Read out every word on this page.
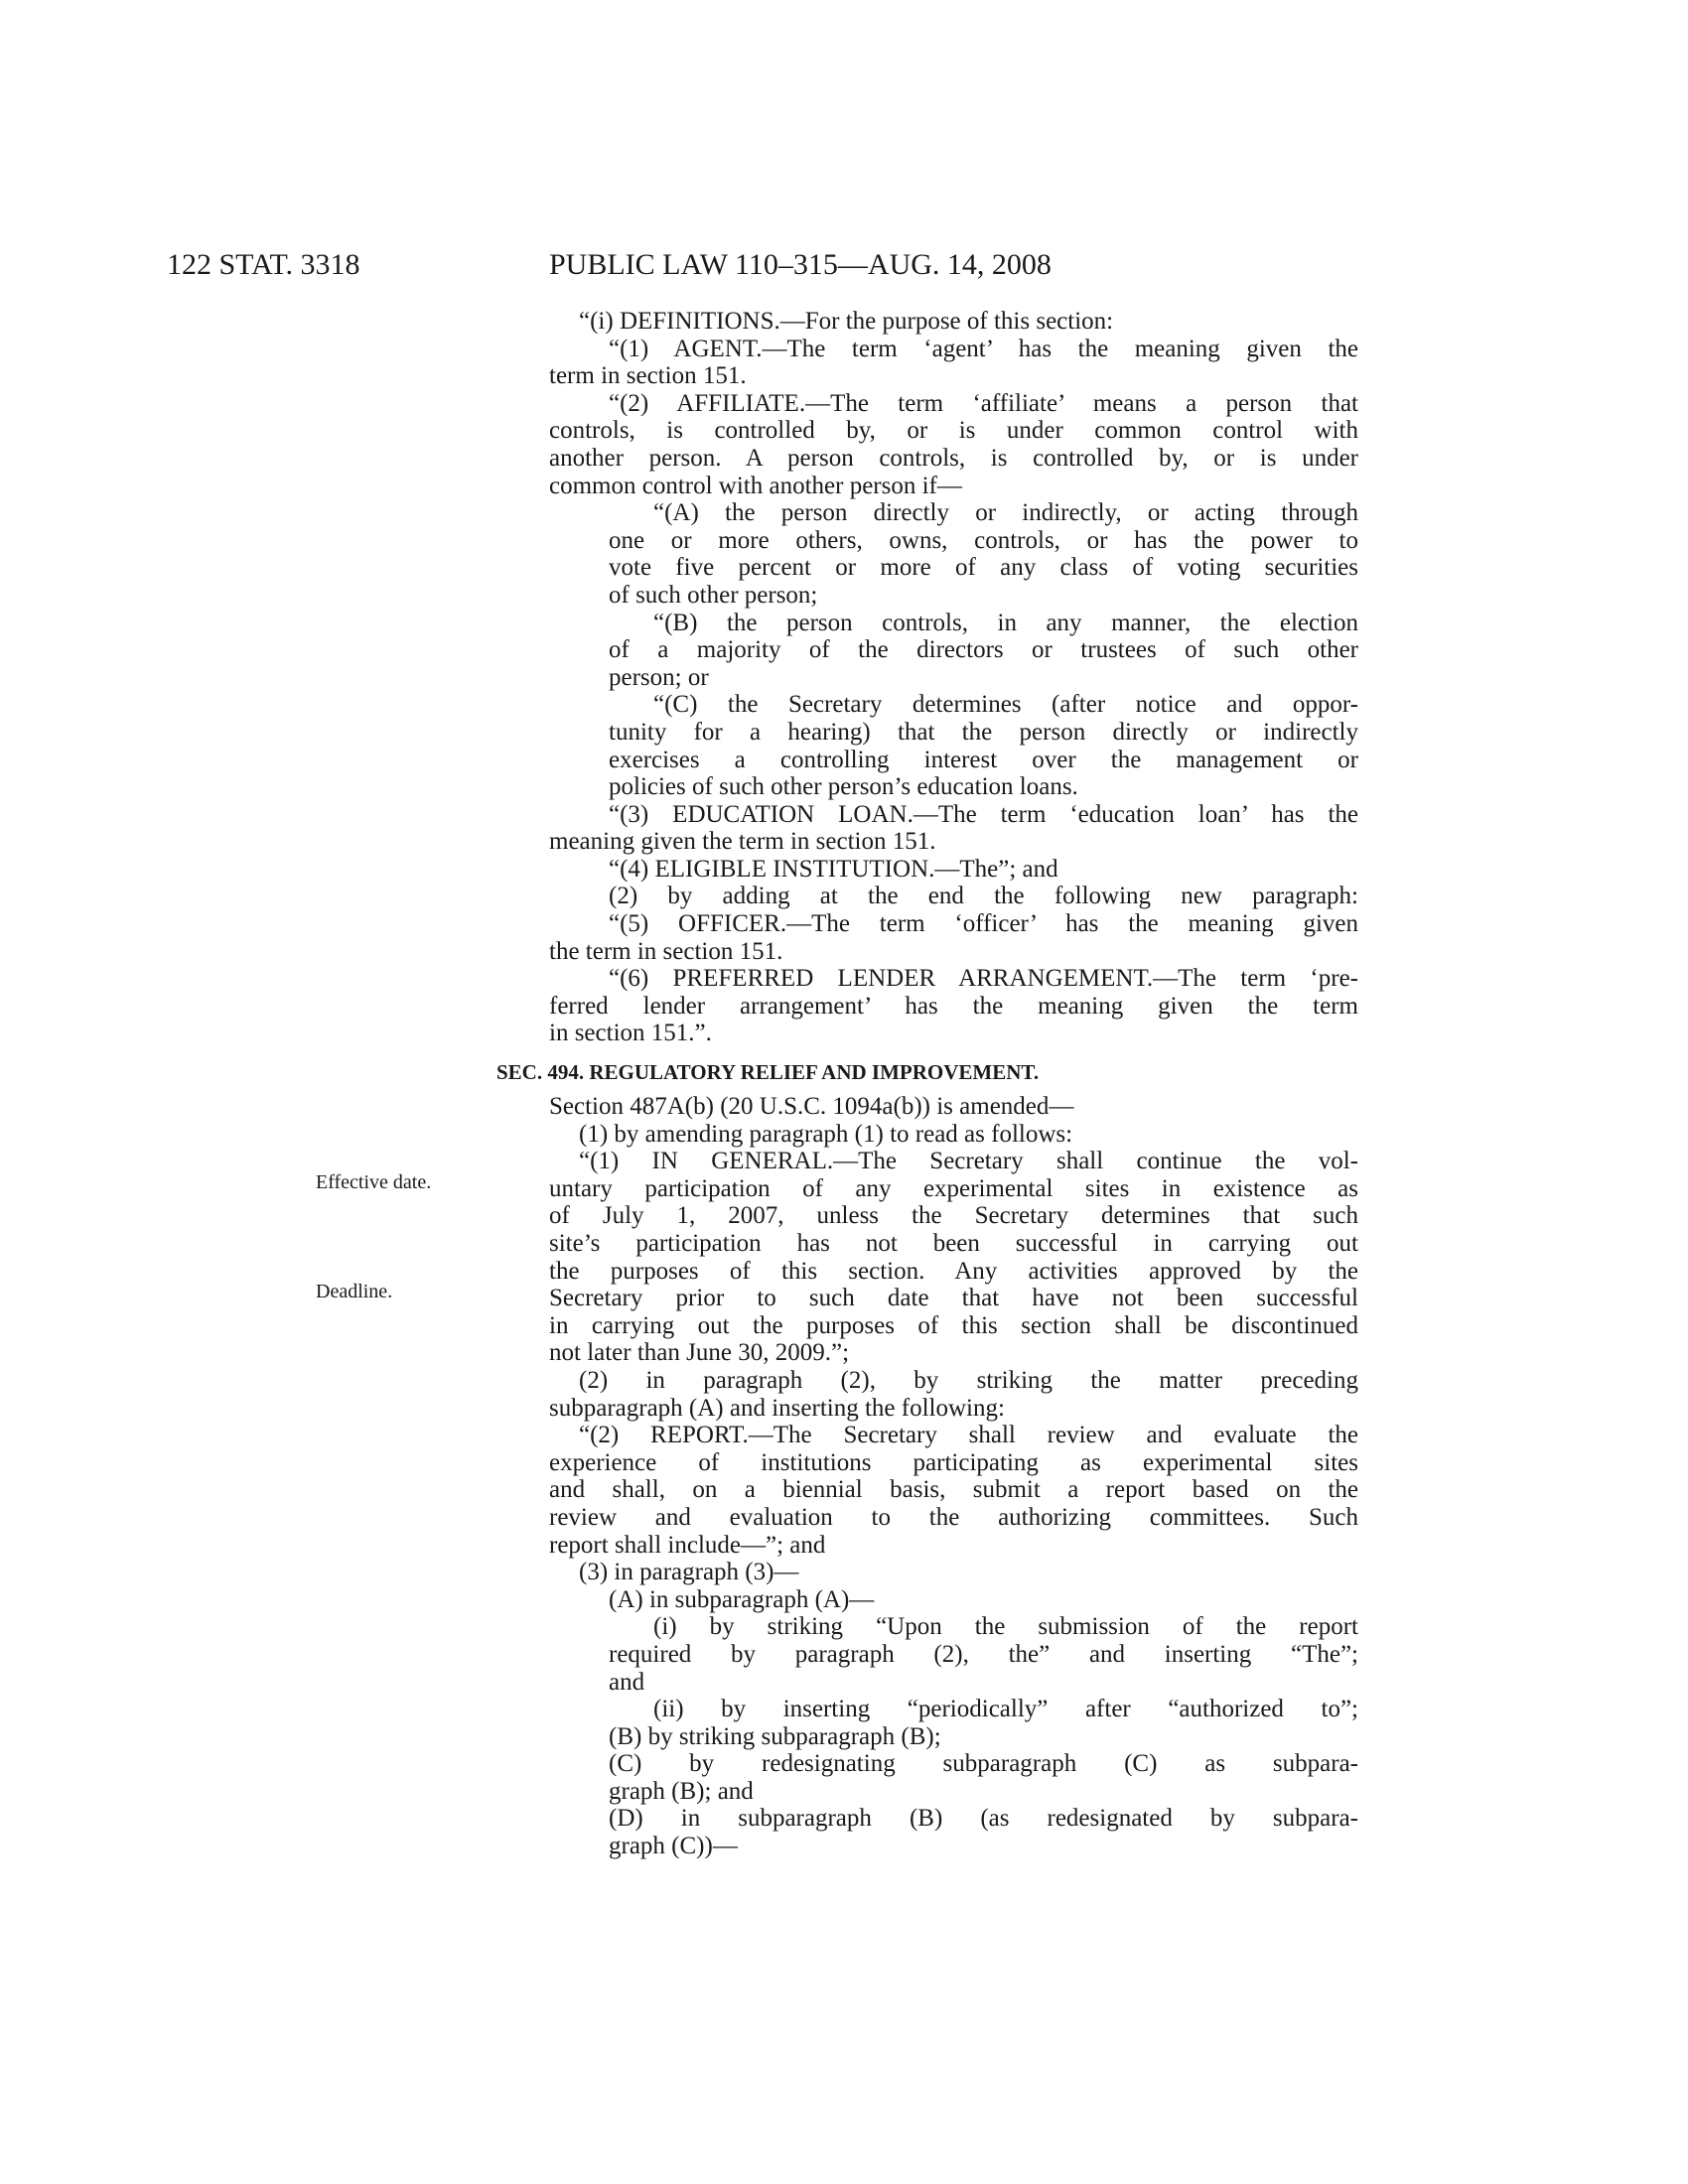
122 STAT. 3318	PUBLIC LAW 110–315—AUG. 14, 2008
Effective date.
Deadline.
“(i) DEFINITIONS.—For the purpose of this section:
“(1) AGENT.—The term ‘agent’ has the meaning given the
term in section 151.
“(2) AFFILIATE.—The term ‘affiliate’ means a person that
controls, is controlled by, or is under common control with
another person. A person controls, is controlled by, or is under
common control with another person if—
“(A) the person directly or indirectly, or acting through
one or more others, owns, controls, or has the power to
vote five percent or more of any class of voting securities
of such other person;
“(B) the person controls, in any manner, the election
of a majority of the directors or trustees of such other
person; or
“(C) the Secretary determines (after notice and oppor-
tunity for a hearing) that the person directly or indirectly
exercises a controlling interest over the management or
policies of such other person’s education loans.
“(3) EDUCATION LOAN.—The term ‘education loan’ has the
meaning given the term in section 151.
“(4) ELIGIBLE INSTITUTION.—The”; and
(2) by adding at the end the following new paragraph:
“(5) OFFICER.—The term ‘officer’ has the meaning given
the term in section 151.
“(6) PREFERRED LENDER ARRANGEMENT.—The term ‘pre-
ferred lender arrangement’ has the meaning given the term
in section 151.”.
SEC. 494. REGULATORY RELIEF AND IMPROVEMENT.
Section 487A(b) (20 U.S.C. 1094a(b)) is amended—
(1) by amending paragraph (1) to read as follows:
“(1) IN GENERAL.—The Secretary shall continue the vol-
untary participation of any experimental sites in existence as
of July 1, 2007, unless the Secretary determines that such
site’s participation has not been successful in carrying out
the purposes of this section. Any activities approved by the
Secretary prior to such date that have not been successful
in carrying out the purposes of this section shall be discontinued
not later than June 30, 2009.”;
(2) in paragraph (2), by striking the matter preceding
subparagraph (A) and inserting the following:
“(2) REPORT.—The Secretary shall review and evaluate the
experience of institutions participating as experimental sites
and shall, on a biennial basis, submit a report based on the
review and evaluation to the authorizing committees. Such
report shall include—”; and
(3) in paragraph (3)—
(A) in subparagraph (A)—
(i) by striking “Upon the submission of the report
required by paragraph (2), the” and inserting “The”;
and
(ii) by inserting “periodically” after “authorized to”;
(B) by striking subparagraph (B);
(C) by redesignating subparagraph (C) as subpara-
graph (B); and
(D) in subparagraph (B) (as redesignated by subpara-
graph (C))—
